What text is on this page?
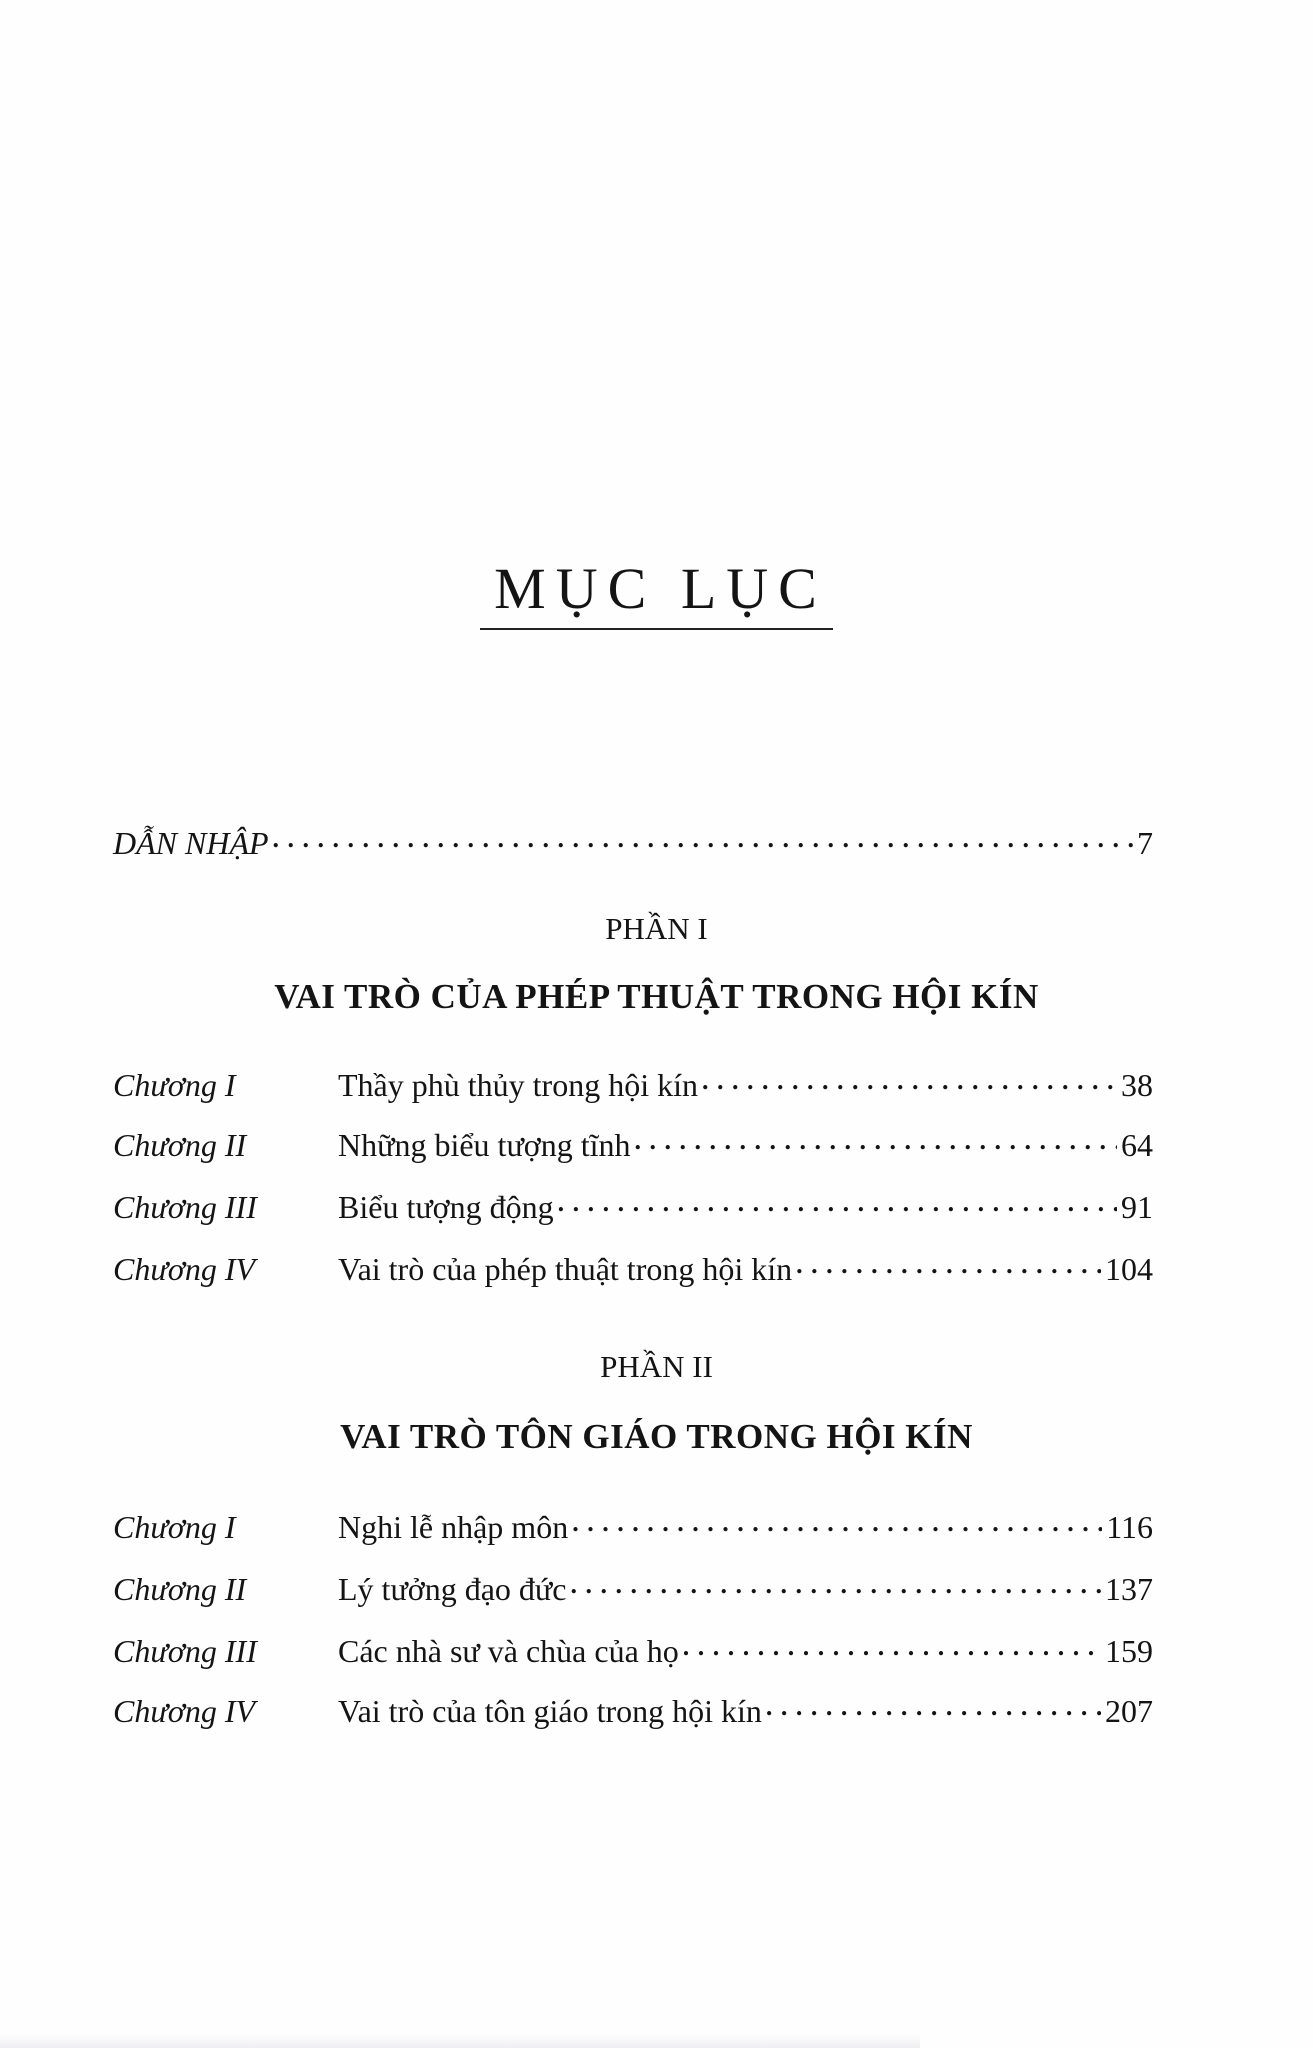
MỤC LỤC
DẪN NHẬP . . .	7
PHẦN I
VAI TRÒ CỦA PHÉP THUẬT TRONG HỘI KÍN
Chương I	Thầy phù thủy trong hội kín . . .	38
Chương II	Những biểu tượng tĩnh . . .	64
Chương III	Biểu tượng động . . .	91
Chương IV	Vai trò của phép thuật trong hội kín . . .	104
PHẦN II
VAI TRÒ TÔN GIÁO TRONG HỘI KÍN
Chương I	Nghi lễ nhập môn . . .	116
Chương II	Lý tưởng đạo đức . . .	137
Chương III	Các nhà sư và chùa của họ . . .	159
Chương IV	Vai trò của tôn giáo trong hội kín . . .	207
